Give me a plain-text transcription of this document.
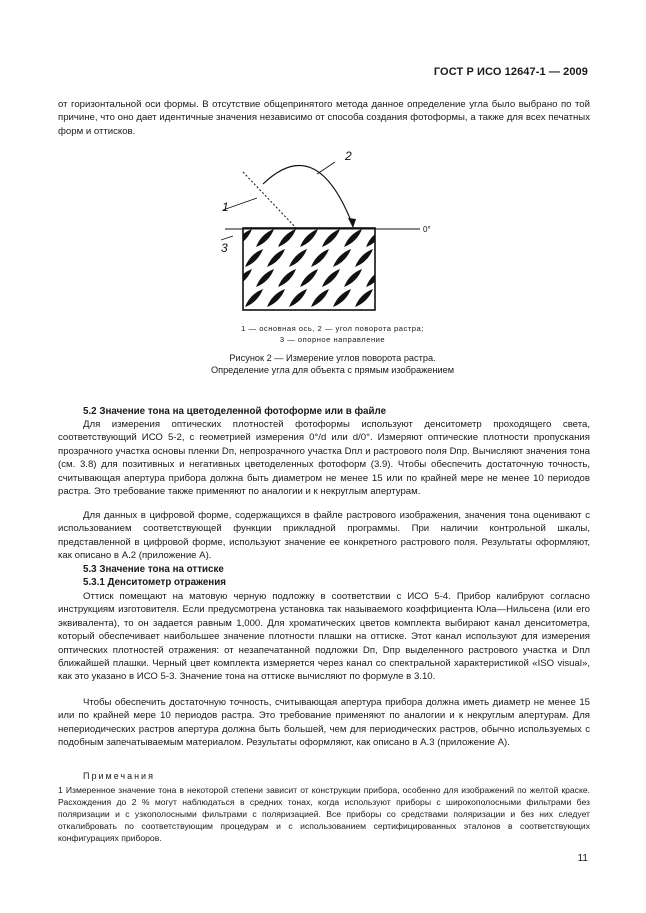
ГОСТ Р ИСО 12647-1 — 2009

от горизонтальной оси формы. В отсутствие общепринятого метода данное определение угла было выбрано по той причине, что оно дает идентичные значения независимо от способа создания фотоформы, а также для всех печатных форм и оттисков.

2
1
3
0°
1 — основная ось, 2 — угол поворота растра;
3 — опорное направление
Рисунок 2 — Измерение углов поворота растра. Определение угла для объекта с прямым изображением
5.2 Значение тона на цветоделенной фотоформе или в файле

Для измерения оптических плотностей фотоформы используют денситометр проходящего света, соответствующий ИСО 5-2, с геометрией измерения 0°/d или d/0°. Измеряют оптические плотности пропускания прозрачного участка основы пленки Dп, непрозрачного участка Dпл и растрового поля Dпр. Вычисляют значения тона (см. 3.8) для позитивных и негативных цветоделенных фотоформ (3.9). Чтобы обеспечить достаточную точность, считывающая апертура прибора должна быть диаметром не менее 15 или по крайней мере не менее 10 периодов растра. Это требование также применяют по аналогии и к некруглым апертурам.

Для данных в цифровой форме, содержащихся в файле растрового изображения, значения тона оценивают с использованием соответствующей функции прикладной программы. При наличии контрольной шкалы, представленной в цифровой форме, используют значение ее конкретного растрового поля. Результаты оформляют, как описано в А.2 (приложение А).

5.3 Значение тона на оттиске
5.3.1 Денситометр отражения

Оттиск помещают на матовую черную подложку в соответствии с ИСО 5-4. Прибор калибруют согласно инструкциям изготовителя. Если предусмотрена установка так называемого коэффициента Юла—Нильсена (или его эквивалента), то он задается равным 1,000. Для хроматических цветов комплекта выбирают канал денситометра, который обеспечивает наибольшее значение плотности плашки на оттиске. Этот канал используют для измерения оптических плотностей отражения: от незапечатанной подложки Dп, Dпр выделенного растрового участка и Dпл ближайшей плашки. Черный цвет комплекта измеряется через канал со спектральной характеристикой «ISO visual», как это указано в ИСО 5-3. Значение тона на оттиске вычисляют по формуле в 3.10.

Чтобы обеспечить достаточную точность, считывающая апертура прибора должна иметь диаметр не менее 15 или по крайней мере 10 периодов растра. Это требование применяют по аналогии и к некруглым апертурам. Для непериодических растров апертура должна быть большей, чем для периодических растров, обычно используемых с подобным запечатываемым материалом. Результаты оформляют, как описано в А.3 (приложение А).

Примечания

1 Измеренное значение тона в некоторой степени зависит от конструкции прибора, особенно для изображений по желтой краске. Расхождения до 2 % могут наблюдаться в средних тонах, когда используют приборы с широкополосными фильтрами без поляризации и с узкополосными фильтрами с поляризацией. Все приборы со средствами поляризации и без них следует откалибровать по соответствующим процедурам и с использованием сертифицированных эталонов в соответствующих конфигурациях приборов.

11
